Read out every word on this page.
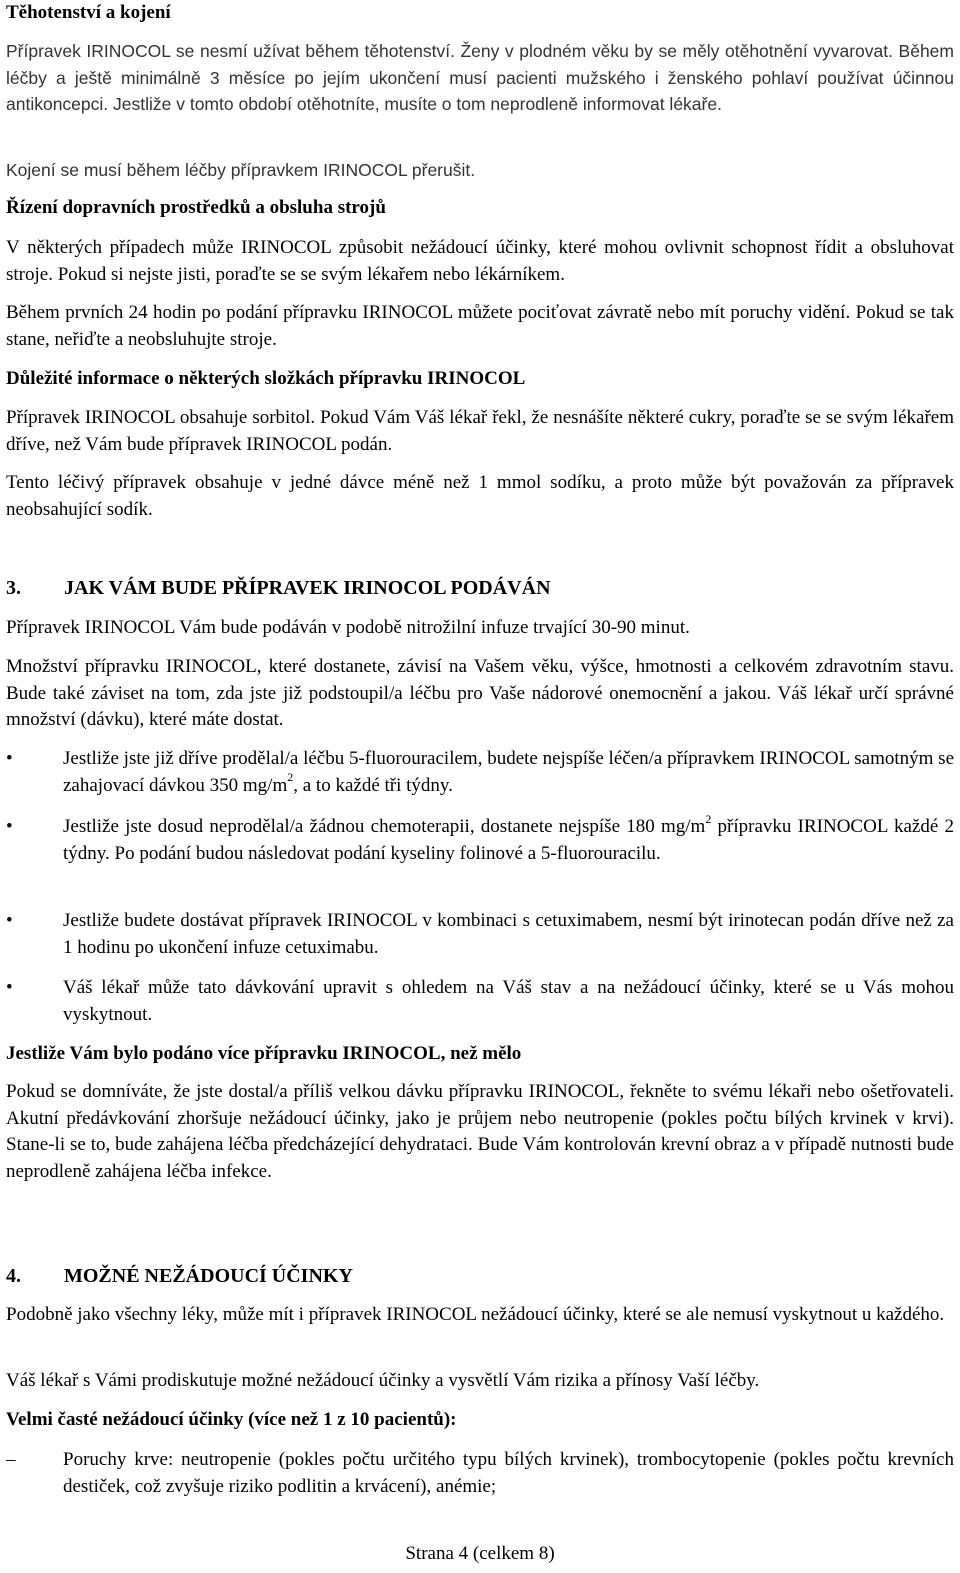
Těhotenství a kojení

Přípravek IRINOCOL se nesmí užívat během těhotenství. Ženy v plodném věku by se měly otěhotnění vyvarovat. Během léčby a ještě minimálně 3 měsíce po jejím ukončení musí pacienti mužského i ženského pohlaví používat účinnou antikoncepci. Jestliže v tomto období otěhotníte, musíte o tom neprodleně informovat lékaře.

Kojení se musí během léčby přípravkem IRINOCOL přerušit.

Řízení dopravních prostředků a obsluha strojů

V některých případech může IRINOCOL způsobit nežádoucí účinky, které mohou ovlivnit schopnost řídit a obsluhovat stroje. Pokud si nejste jisti, poraďte se se svým lékařem nebo lékárníkem.

Během prvních 24 hodin po podání přípravku IRINOCOL můžete pociťovat závratě nebo mít poruchy vidění. Pokud se tak stane, neřiďte a neobsluhujte stroje.

Důležité informace o některých složkách přípravku IRINOCOL

Přípravek IRINOCOL obsahuje sorbitol. Pokud Vám Váš lékař řekl, že nesnášíte některé cukry, poraďte se se svým lékařem dříve, než Vám bude přípravek IRINOCOL podán.

Tento léčivý přípravek obsahuje v jedné dávce méně než 1 mmol sodíku, a proto může být považován za přípravek neobsahující sodík.

3. JAK VÁM BUDE PŘÍPRAVEK IRINOCOL PODÁVÁN

Přípravek IRINOCOL Vám bude podáván v podobě nitrožilní infuze trvající 30-90 minut.

Množství přípravku IRINOCOL, které dostanete, závisí na Vašem věku, výšce, hmotnosti a celkovém zdravotním stavu. Bude také záviset na tom, zda jste již podstoupil/a léčbu pro Vaše nádorové onemocnění a jakou. Váš lékař určí správné množství (dávku), které máte dostat.

•	Jestliže jste již dříve prodělal/a léčbu 5-fluorouracilem, budete nejspíše léčen/a přípravkem IRINOCOL samotným se zahajovací dávkou 350 $mg/m^2$, a to každé tři týdny.
•	Jestliže jste dosud neprodělal/a žádnou chemoterapii, dostanete nejspíše 180 $mg/m^2$ přípravku IRINOCOL každé 2 týdny. Po podání budou následovat podání kyseliny folinové a 5-fluorouracilu.
•	Jestliže budete dostávat přípravek IRINOCOL v kombinaci s cetuximabem, nesmí být irinotecan podán dříve než za 1 hodinu po ukončení infuze cetuximabu.
•	Váš lékař může tato dávkování upravit s ohledem na Váš stav a na nežádoucí účinky, které se u Vás mohou vyskytnout.

Jestliže Vám bylo podáno více přípravku IRINOCOL, než mělo

Pokud se domníváte, že jste dostal/a příliš velkou dávku přípravku IRINOCOL, řekněte to svému lékaři nebo ošetřovateli. Akutní předávkování zhoršuje nežádoucí účinky, jako je průjem nebo neutropenie (pokles počtu bílých krvinek v krvi). Stane-li se to, bude zahájena léčba předcházející dehydrataci. Bude Vám kontrolován krevní obraz a v případě nutnosti bude neprodleně zahájena léčba infekce.

4. MOŽNÉ NEŽÁDOUCÍ ÚČINKY

Podobně jako všechny léky, může mít i přípravek IRINOCOL nežádoucí účinky, které se ale nemusí vyskytnout u každého.

Váš lékař s Vámi prodiskutuje možné nežádoucí účinky a vysvětlí Vám rizika a přínosy Vaší léčby.

Velmi časté nežádoucí účinky (více než 1 z 10 pacientů):

–	Poruchy krve: neutropenie (pokles počtu určitého typu bílých krvinek), trombocytopenie (pokles počtu krevních destiček, což zvyšuje riziko podlitin a krvácení), anémie;
Strana 4 (celkem 8)
